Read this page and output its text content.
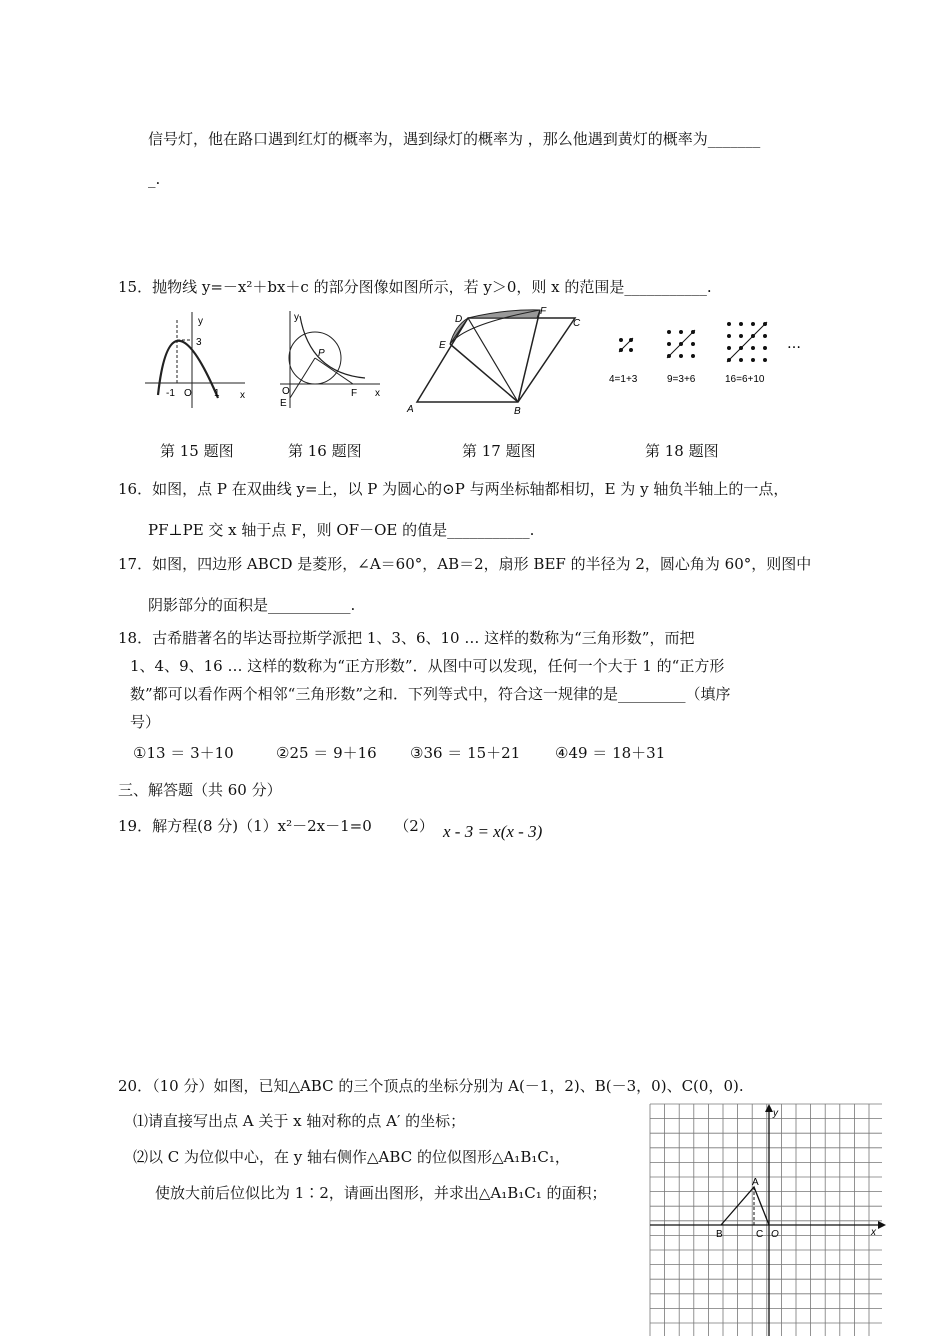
信号灯，他在路口遇到红灯的概率为，遇到绿灯的概率为 ，那么他遇到黄灯的概率为_______
_.
15．抛物线 y=－x²＋bx＋c 的部分图像如图所示，若 y＞0，则 x 的范围是___________.
y
3
-1 O 1 x
y
P
O
E
F x
D
F
C
E
A	B
4=1+3	9=3+6	16=6+10
…
第 15 题图	第 16 题图	第 17 题图	第 18 题图
16．如图，点 P 在双曲线 y=上，以 P 为圆心的⊙P 与两坐标轴都相切，E 为 y 轴负半轴上的一点，
PF⊥PE 交 x 轴于点 F，则 OF－OE 的值是___________.
17．如图，四边形 ABCD 是菱形，∠A＝60°，AB＝2，扇形 BEF 的半径为 2，圆心角为 60°，则图中
阴影部分的面积是___________.
18．古希腊著名的毕达哥拉斯学派把 1、3、6、10 … 这样的数称为“三角形数”，而把
1、4、9、16 … 这样的数称为“正方形数”．从图中可以发现，任何一个大于 1 的“正方形
数”都可以看作两个相邻“三角形数”之和．下列等式中，符合这一规律的是_________（填序
号）
①13 ＝ 3＋10	②25 ＝ 9＋16 ③36 ＝ 15＋21 ④49 ＝ 18＋31
三、解答题（共 60 分）
19．解方程(8 分)（1）x²－2x－1=0　　（2） x - 3 = x(x - 3)
20．（10 分）如图，已知△ABC 的三个顶点的坐标分别为 A(－1，2)、B(－3，0)、C(0，0).
⑴请直接写出点 A 关于 x 轴对称的点 A′ 的坐标；
⑵以 C 为位似中心，在 y 轴右侧作△ABC 的位似图形△A₁B₁C₁，
使放大前后位似比为 1∶2，请画出图形，并求出△A₁B₁C₁ 的面积；
y
x
A
B	C O
